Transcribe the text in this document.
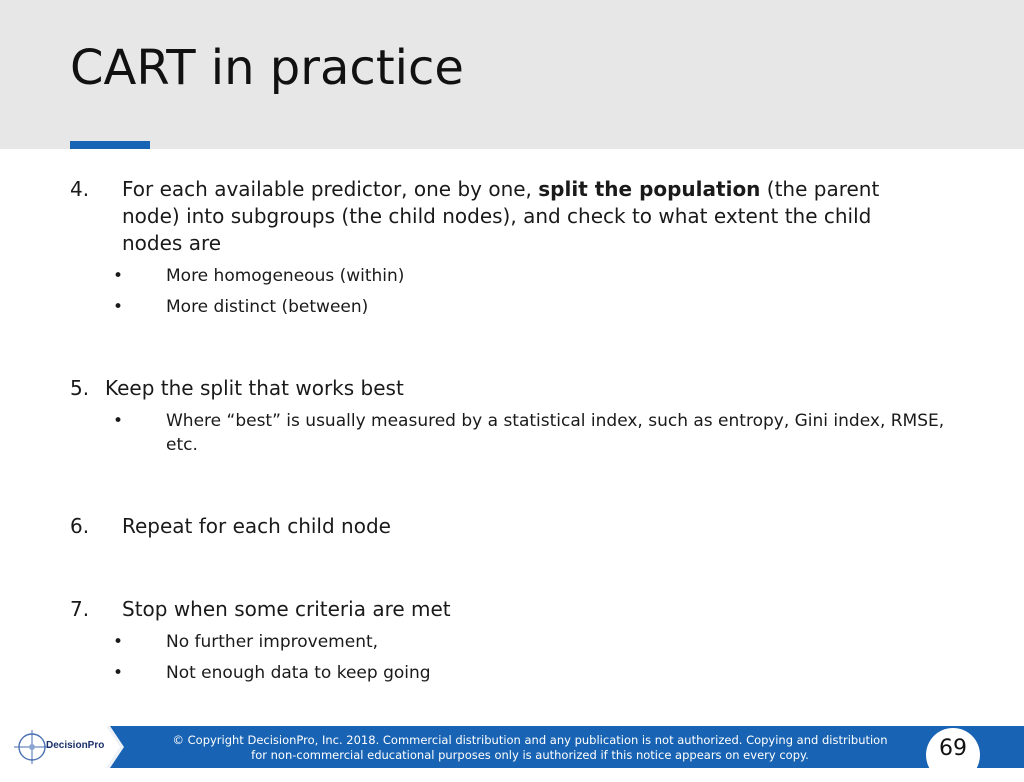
CART in practice

4. For each available predictor, one by one, split the population (the parent node) into subgroups (the child nodes), and check to what extent the child nodes are

•	More homogeneous (within)

•	More distinct (between)

5. Keep the split that works best

•	Where “best” is usually measured by a statistical index, such as entropy, Gini index, RMSE, etc.

6. Repeat for each child node

7. Stop when some criteria are met

•	No further improvement,

•	Not enough data to keep going

DecisionPro	© Copyright DecisionPro, Inc. 2018. Commercial distribution and any publication is not authorized. Copying and distribution
for non-commercial educational purposes only is authorized if this notice appears on every copy.	69
